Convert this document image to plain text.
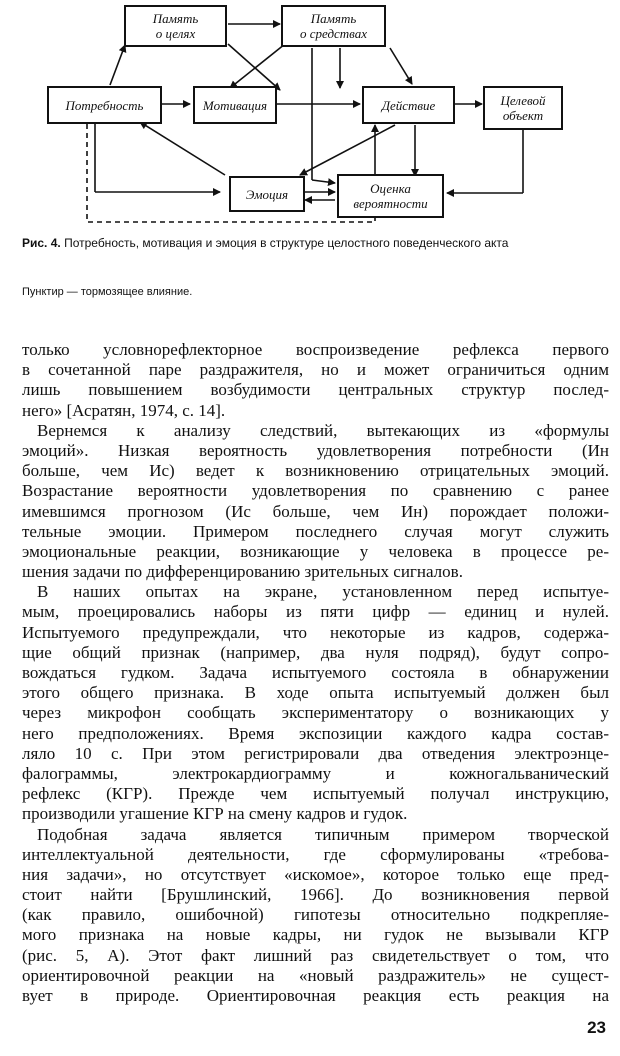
Память
о целях
Память
о средствах
Потребность	Мотивация	Действие	Целевой
объект
Эмоция	Оценка
вероятности
Рис. 4. Потребность, мотивация и эмоция в структуре целостного поведенческого акта
Пунктир — тормозящее влияние.
только условнорефлекторное воспроизведение рефлекса первого
в сочетанной паре раздражителя, но и может ограничиться одним
лишь повышением возбудимости центральных структур послед-
него» [Асратян, 1974, с. 14].
Вернемся к анализу следствий, вытекающих из «формулы
эмоций». Низкая вероятность удовлетворения потребности (Ин
больше, чем Ис) ведет к возникновению отрицательных эмоций.
Возрастание вероятности удовлетворения по сравнению с ранее
имевшимся прогнозом (Ис больше, чем Ин) порождает положи-
тельные эмоции. Примером последнего случая могут служить
эмоциональные реакции, возникающие у человека в процессе ре-
шения задачи по дифференцированию зрительных сигналов.
В наших опытах на экране, установленном перед испытуе-
мым, проецировались наборы из пяти цифр — единиц и нулей.
Испытуемого предупреждали, что некоторые из кадров, содержа-
щие общий признак (например, два нуля подряд), будут сопро-
вождаться гудком. Задача испытуемого состояла в обнаружении
этого общего признака. В ходе опыта испытуемый должен был
через микрофон сообщать экспериментатору о возникающих у
него предположениях. Время экспозиции каждого кадра состав-
ляло 10 с. При этом регистрировали два отведения электроэнце-
фалограммы, электрокардиограмму и кожногальванический
рефлекс (КГР). Прежде чем испытуемый получал инструкцию,
производили угашение КГР на смену кадров и гудок.
Подобная задача является типичным примером творческой
интеллектуальной деятельности, где сформулированы «требова-
ния задачи», но отсутствует «искомое», которое только еще пред-
стоит найти [Брушлинский, 1966]. До возникновения первой
(как правило, ошибочной) гипотезы относительно подкрепляе-
мого признака на новые кадры, ни гудок не вызывали КГР
(рис. 5, А). Этот факт лишний раз свидетельствует о том, что
ориентировочной реакции на «новый раздражитель» не сущест-
вует в природе. Ориентировочная реакция есть реакция на
23
